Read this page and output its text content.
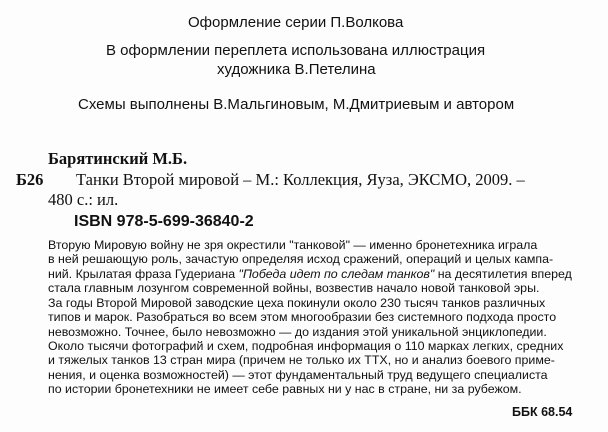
Оформление серии П.Волкова
В оформлении переплета использована иллюстрация
художника В.Петелина
Схемы выполнены В.Мальгиновым, М.Дмитриевым и автором
Барятинский М.Б.
Б26 Танки Второй мировой – М.: Коллекция, Яуза, ЭКСМО, 2009. –
480 с.: ил.
ISBN 978-5-699-36840-2
Вторую Мировую войну не зря окрестили "танковой" — именно бронетехника играла
в ней решающую роль, зачастую определяя исход сражений, операций и целых кампа-
ний. Крылатая фраза Гудериана "Победа идет по следам танков" на десятилетия вперед
стала главным лозунгом современной войны, возвестив начало новой танковой эры.
За годы Второй Мировой заводские цеха покинули около 230 тысяч танков различных
типов и марок. Разобраться во всем этом многообразии без системного подхода просто
невозможно. Точнее, было невозможно — до издания этой уникальной энциклопедии.
Около тысячи фотографий и схем, подробная информация о 110 марках легких, средних
и тяжелых танков 13 стран мира (причем не только их ТТХ, но и анализ боевого приме-
нения, и оценка возможностей) — этот фундаментальный труд ведущего специалиста
по истории бронетехники не имеет себе равных ни у нас в стране, ни за рубежом.
ББК 68.54
